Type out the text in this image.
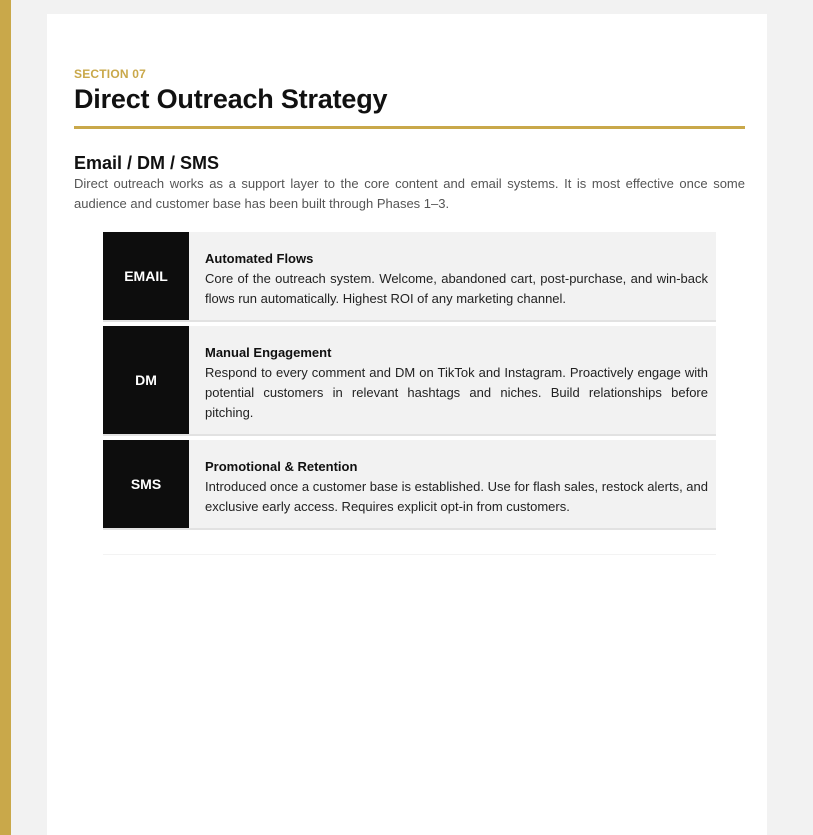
SECTION 07
Direct Outreach Strategy
Email / DM / SMS

Direct outreach works as a support layer to the core content and email systems. It is most effective once some audience and customer base has been built through Phases 1–3.

EMAIL
Automated Flows
Core of the outreach system. Welcome, abandoned cart, post-purchase, and win-back flows run automatically. Highest ROI of any marketing channel.
DM
Manual Engagement
Respond to every comment and DM on TikTok and Instagram. Proactively engage with potential customers in relevant hashtags and niches. Build relationships before pitching.
SMS
Promotional & Retention
Introduced once a customer base is established. Use for flash sales, restock alerts, and exclusive early access. Requires explicit opt-in from customers.
